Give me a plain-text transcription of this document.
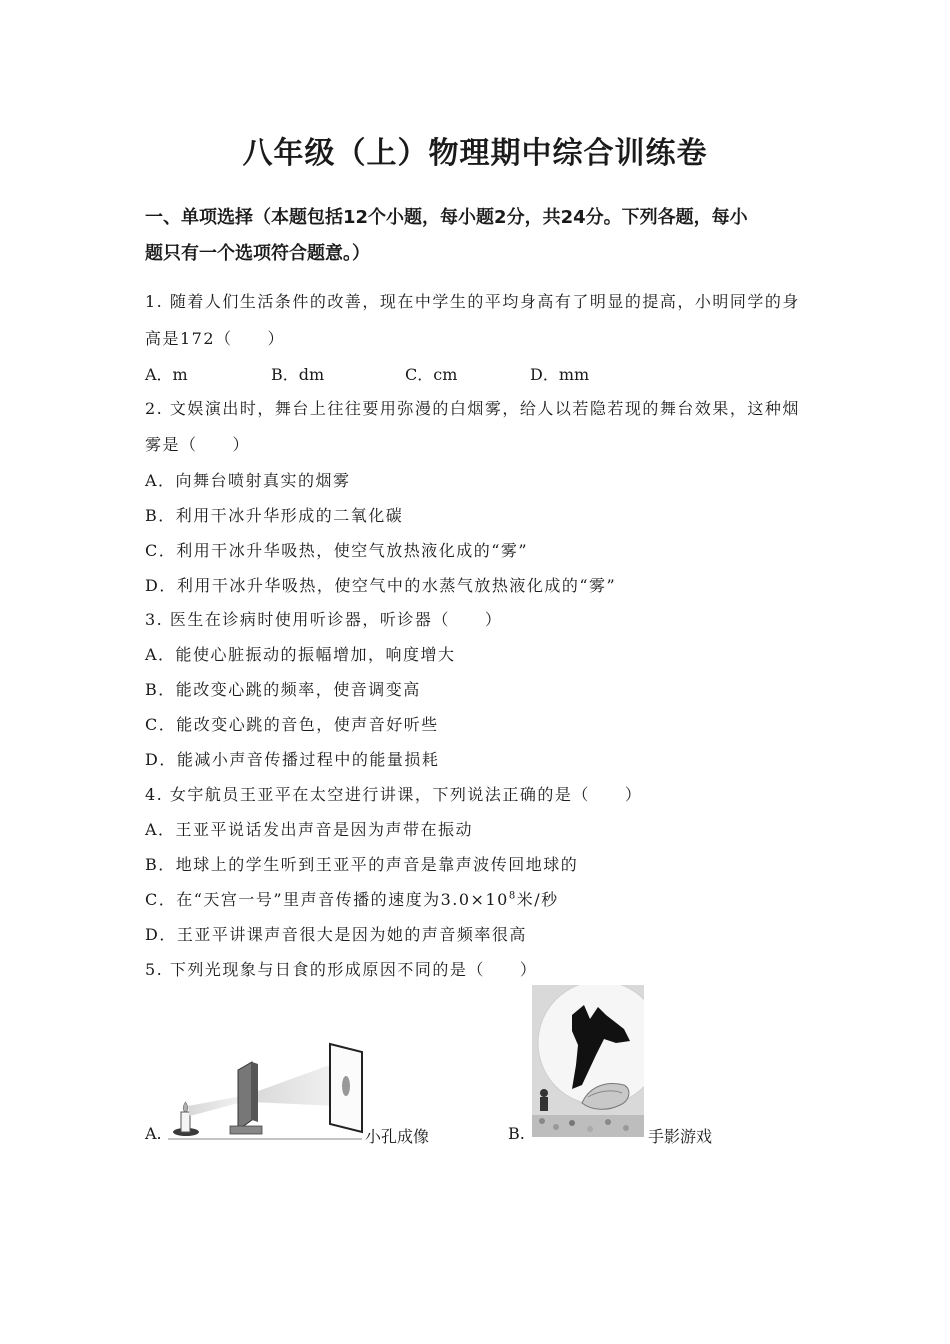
八年级（上）物理期中综合训练卷
一、单项选择（本题包括12个小题，每小题2分，共24分。下列各题，每小
题只有一个选项符合题意。）
1. 随着人们生活条件的改善，现在中学生的平均身高有了明显的提高，小明同学的身
高是172（　　）
A．m	B．dm	C．cm	D．mm
2. 文娱演出时，舞台上往往要用弥漫的白烟雾，给人以若隐若现的舞台效果，这种烟
雾是（　　）
A．向舞台喷射真实的烟雾
B．利用干冰升华形成的二氧化碳
C．利用干冰升华吸热，使空气放热液化成的“雾”
D．利用干冰升华吸热，使空气中的水蒸气放热液化成的“雾”
3. 医生在诊病时使用听诊器，听诊器（　　）
A．能使心脏振动的振幅增加，响度增大
B．能改变心跳的频率，使音调变高
C．能改变心跳的音色，使声音好听些
D．能减小声音传播过程中的能量损耗
4. 女宇航员王亚平在太空进行讲课，下列说法正确的是（　　）
A．王亚平说话发出声音是因为声带在振动
B．地球上的学生听到王亚平的声音是靠声波传回地球的
C．在“天宫一号”里声音传播的速度为$3.0\times 10^8$米/秒
D．王亚平讲课声音很大是因为她的声音频率很高
5. 下列光现象与日食的形成原因不同的是（　　）
A.	小孔成像	B.	手影游戏
